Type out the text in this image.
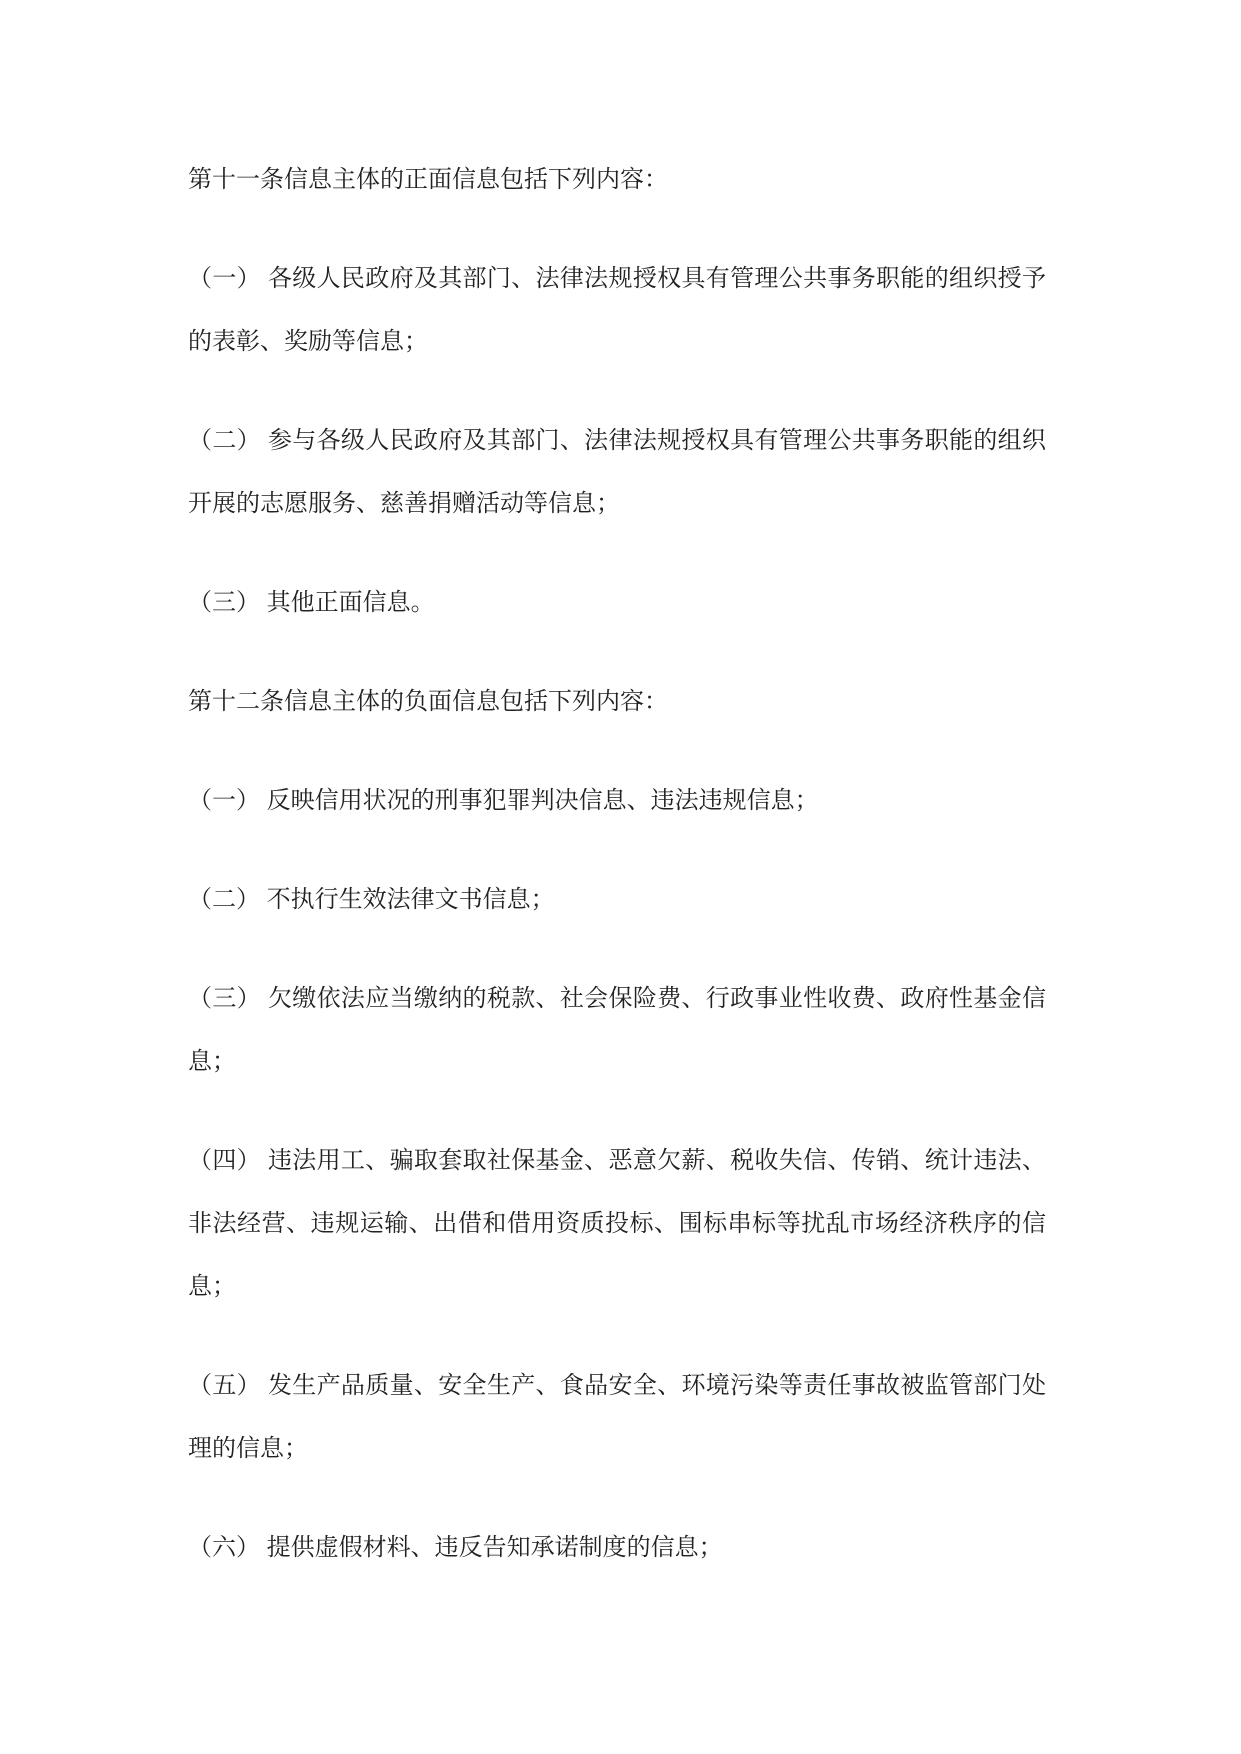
第十一条信息主体的正面信息包括下列内容：

（一） 各级人民政府及其部门、法律法规授权具有管理公共事务职能的组织授予的表彰、奖励等信息；

（二） 参与各级人民政府及其部门、法律法规授权具有管理公共事务职能的组织开展的志愿服务、慈善捐赠活动等信息；

（三） 其他正面信息。

第十二条信息主体的负面信息包括下列内容：

（一） 反映信用状况的刑事犯罪判决信息、违法违规信息；

（二） 不执行生效法律文书信息；

（三） 欠缴依法应当缴纳的税款、社会保险费、行政事业性收费、政府性基金信息；

（四） 违法用工、骗取套取社保基金、恶意欠薪、税收失信、传销、统计违法、非法经营、违规运输、出借和借用资质投标、围标串标等扰乱市场经济秩序的信息；

（五） 发生产品质量、安全生产、食品安全、环境污染等责任事故被监管部门处理的信息；

（六） 提供虚假材料、违反告知承诺制度的信息；
